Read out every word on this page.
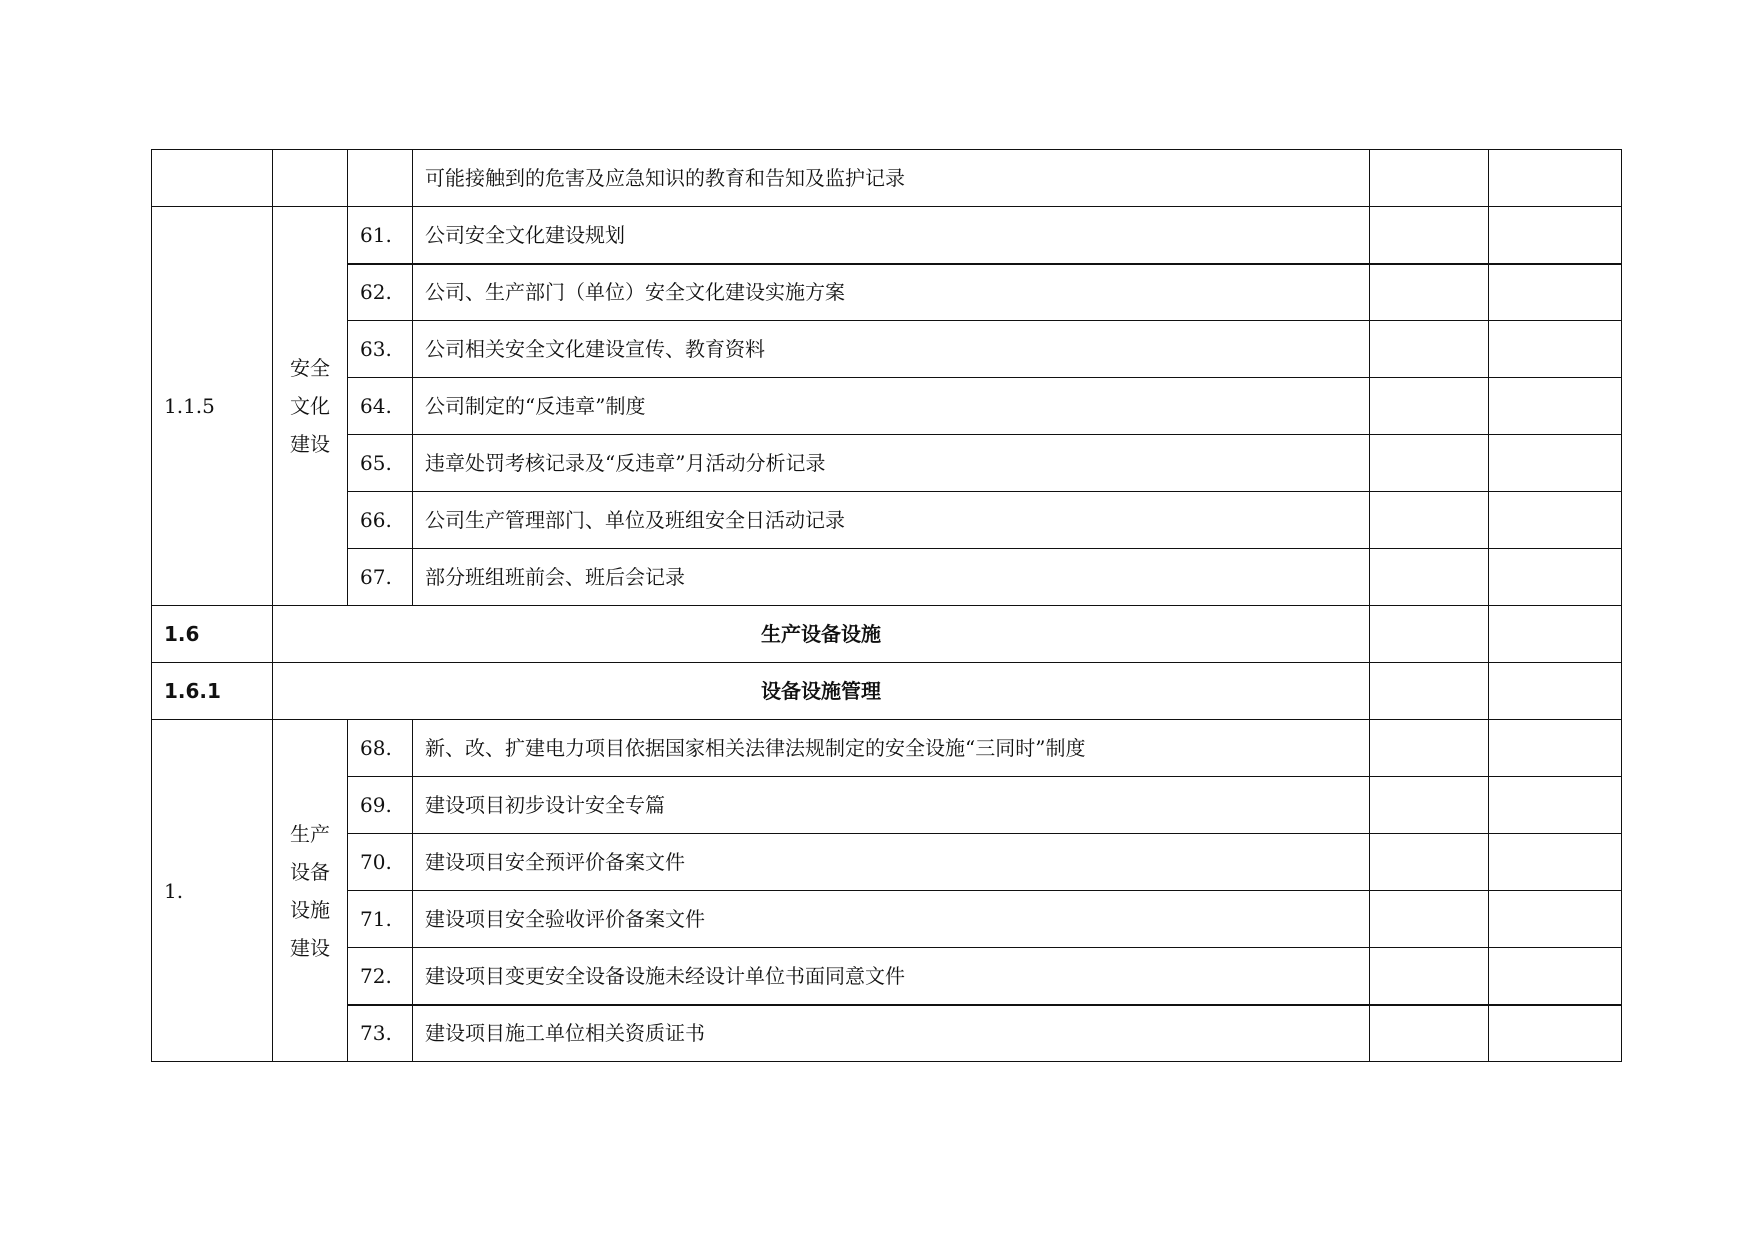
			可能接触到的危害及应急知识的教育和告知及监护记录		
1.1.5	安全文化建设	61.	公司安全文化建设规划		
		62.	公司、生产部门（单位）安全文化建设实施方案		
		63.	公司相关安全文化建设宣传、教育资料		
		64.	公司制定的“反违章”制度		
		65.	违章处罚考核记录及“反违章”月活动分析记录		
		66.	公司生产管理部门、单位及班组安全日活动记录		
		67.	部分班组班前会、班后会记录		
1.6	生产设备设施				
1.6.1	设备设施管理				
1.	生产设备设施建设	68.	新、改、扩建电力项目依据国家相关法律法规制定的安全设施“三同时”制度		
		69.	建设项目初步设计安全专篇		
		70.	建设项目安全预评价备案文件		
		71.	建设项目安全验收评价备案文件		
		72.	建设项目变更安全设备设施未经设计单位书面同意文件		
		73.	建设项目施工单位相关资质证书		
